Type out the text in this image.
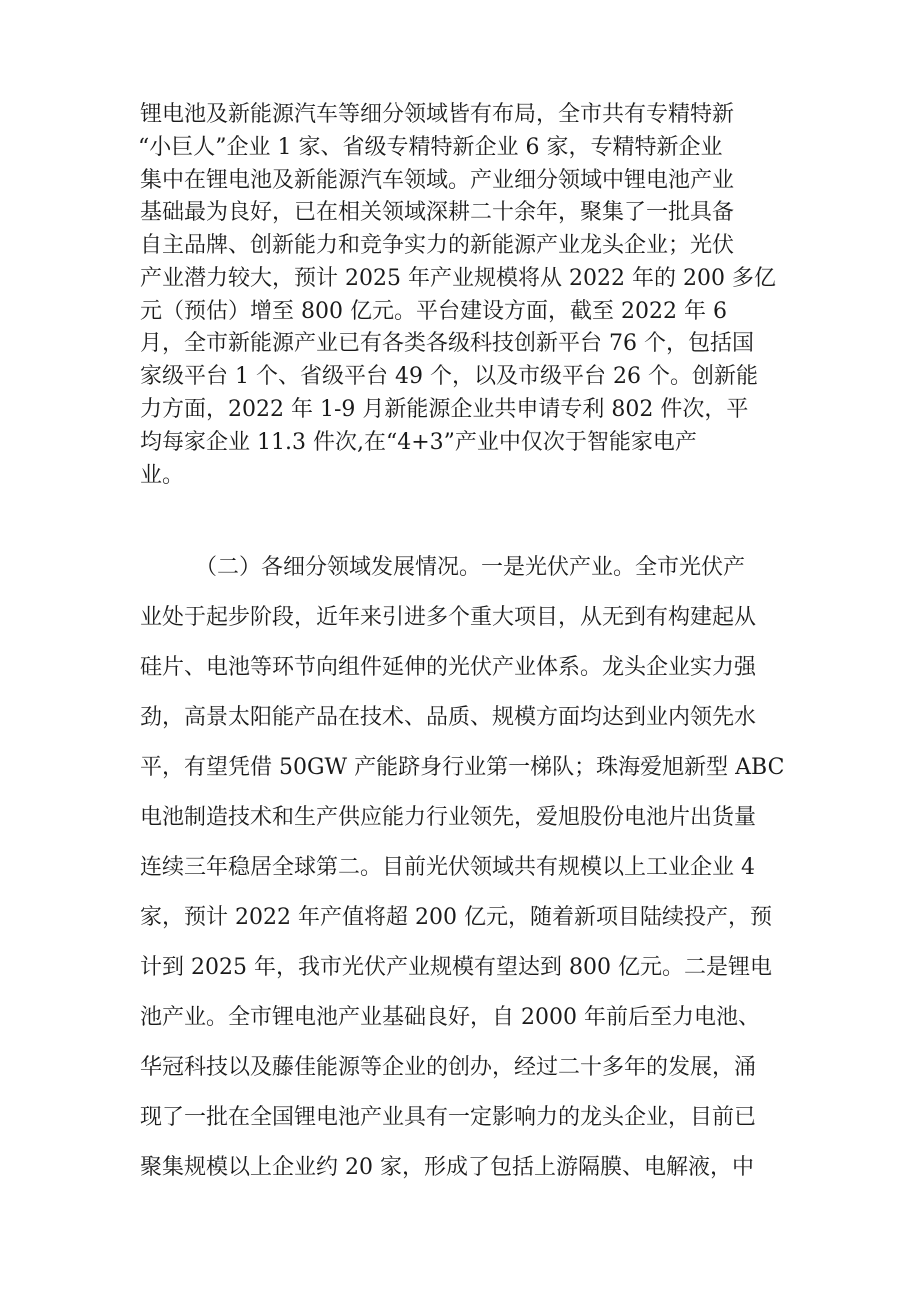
锂电池及新能源汽车等细分领域皆有布局，全市共有专精特新

“小巨人”企业 1 家、省级专精特新企业 6 家，专精特新企业

集中在锂电池及新能源汽车领域。产业细分领域中锂电池产业

基础最为良好，已在相关领域深耕二十余年，聚集了一批具备

自主品牌、创新能力和竞争实力的新能源产业龙头企业；光伏

产业潜力较大，预计 2025 年产业规模将从 2022 年的 200 多亿

元（预估）增至 800 亿元。平台建设方面，截至 2022 年 6

月，全市新能源产业已有各类各级科技创新平台 76 个，包括国

家级平台 1 个、省级平台 49 个，以及市级平台 26 个。创新能

力方面，2022 年 1-9 月新能源企业共申请专利 802 件次，平

均每家企业 11.3 件次,在“4+3”产业中仅次于智能家电产

业。

（二）各细分领域发展情况。一是光伏产业。全市光伏产

业处于起步阶段，近年来引进多个重大项目，从无到有构建起从

硅片、电池等环节向组件延伸的光伏产业体系。龙头企业实力强

劲，高景太阳能产品在技术、品质、规模方面均达到业内领先水

平，有望凭借 50GW 产能跻身行业第一梯队；珠海爱旭新型 ABC

电池制造技术和生产供应能力行业领先，爱旭股份电池片出货量

连续三年稳居全球第二。目前光伏领域共有规模以上工业企业 4

家，预计 2022 年产值将超 200 亿元，随着新项目陆续投产，预

计到 2025 年，我市光伏产业规模有望达到 800 亿元。二是锂电

池产业。全市锂电池产业基础良好，自 2000 年前后至力电池、

华冠科技以及藤佳能源等企业的创办，经过二十多年的发展，涌

现了一批在全国锂电池产业具有一定影响力的龙头企业，目前已

聚集规模以上企业约 20 家，形成了包括上游隔膜、电解液，中
